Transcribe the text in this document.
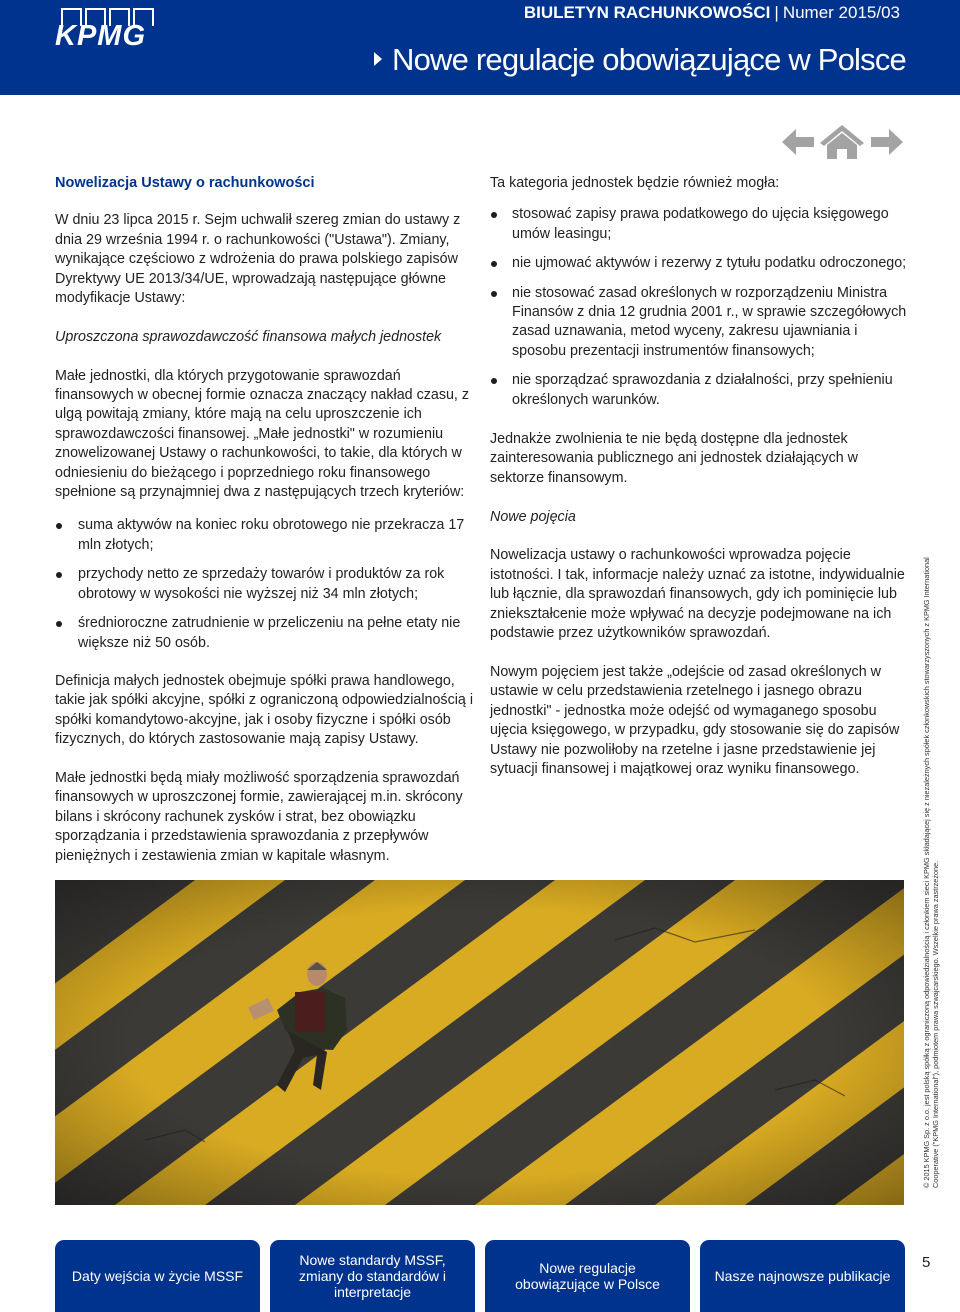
KPMG
BIULETYN RACHUNKOWOŚCI | Numer 2015/03
Nowe regulacje obowiązujące w Polsce
Nowelizacja Ustawy o rachunkowości

W dniu 23 lipca 2015 r. Sejm uchwalił szereg zmian do ustawy z dnia 29 września 1994 r. o rachunkowości ("Ustawa"). Zmiany, wynikające częściowo z wdrożenia do prawa polskiego zapisów Dyrektywy UE 2013/34/UE, wprowadzają następujące główne modyfikacje Ustawy:

Uproszczona sprawozdawczość finansowa małych jednostek

Małe jednostki, dla których przygotowanie sprawozdań finansowych w obecnej formie oznacza znaczący nakład czasu, z ulgą powitają zmiany, które mają na celu uproszczenie ich sprawozdawczości finansowej. „Małe jednostki" w rozumieniu znowelizowanej Ustawy o rachunkowości, to takie, dla których w odniesieniu do bieżącego i poprzedniego roku finansowego spełnione są przynajmniej dwa z następujących trzech kryteriów:

suma aktywów na koniec roku obrotowego nie przekracza 17 mln złotych;
przychody netto ze sprzedaży towarów i produktów za rok obrotowy w wysokości nie wyższej niż 34 mln złotych;
średnioroczne zatrudnienie w przeliczeniu na pełne etaty nie większe niż 50 osób.

Definicja małych jednostek obejmuje spółki prawa handlowego, takie jak spółki akcyjne, spółki z ograniczoną odpowiedzialnością i spółki komandytowo-akcyjne, jak i osoby fizyczne i spółki osób fizycznych, do których zastosowanie mają zapisy Ustawy.

Małe jednostki będą miały możliwość sporządzenia sprawozdań finansowych w uproszczonej formie, zawierającej m.in. skrócony bilans i skrócony rachunek zysków i strat, bez obowiązku sporządzania i przedstawienia sprawozdania z przepływów pieniężnych i zestawienia zmian w kapitale własnym.

Ta kategoria jednostek będzie również mogła:

stosować zapisy prawa podatkowego do ujęcia księgowego umów leasingu;
nie ujmować aktywów i rezerwy z tytułu podatku odroczonego;
nie stosować zasad określonych w rozporządzeniu Ministra Finansów z dnia 12 grudnia 2001 r., w sprawie szczegółowych zasad uznawania, metod wyceny, zakresu ujawniania i sposobu prezentacji instrumentów finansowych;
nie sporządzać sprawozdania z działalności, przy spełnieniu określonych warunków.

Jednakże zwolnienia te nie będą dostępne dla jednostek zainteresowania publicznego ani jednostek działających w sektorze finansowym.

Nowe pojęcia

Nowelizacja ustawy o rachunkowości wprowadza pojęcie istotności. I tak, informacje należy uznać za istotne, indywidualnie lub łącznie, dla sprawozdań finansowych, gdy ich pominięcie lub zniekształcenie może wpływać na decyzje podejmowane na ich podstawie przez użytkowników sprawozdań.

Nowym pojęciem jest także „odejście od zasad określonych w ustawie w celu przedstawienia rzetelnego i jasnego obrazu jednostki" - jednostka może odejść od wymaganego sposobu ujęcia księgowego, w przypadku, gdy stosowanie się do zapisów Ustawy nie pozwoliłoby na rzetelne i jasne przedstawienie jej sytuacji finansowej i majątkowej oraz wyniku finansowego.	© 2015 KPMG Sp. z o.o. jest polską spółką z ograniczoną odpowiedzialnością i członkiem sieci KPMG składającej się z niezależnych spółek członkowskich stowarzyszonych z KPMG International Cooperative ("KPMG International"), podmiotem prawa szwajcarskiego. Wszelkie prawa zastrzeżone.
Daty wejścia w życie MSSF
Nowe standardy MSSF, zmiany do standardów i interpretacje
Nowe regulacje obowiązujące w Polsce	Nasze najnowsze publikacje
5
